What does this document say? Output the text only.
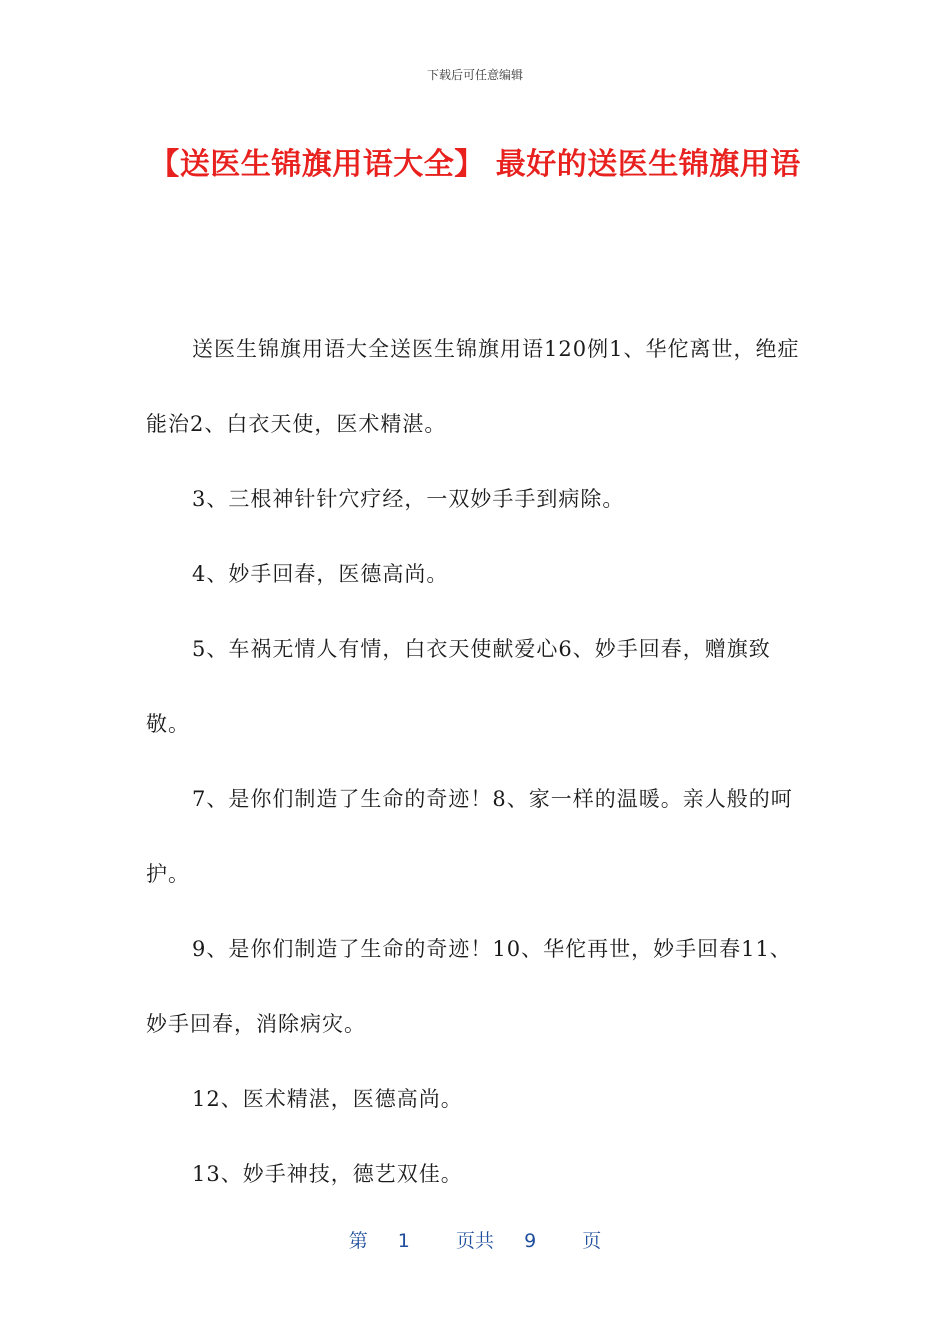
下载后可任意编辑
【送医生锦旗用语大全】 最好的送医生锦旗用语

送医生锦旗用语大全送医生锦旗用语120例1、华佗离世，绝症能治2、白衣天使，医术精湛。

3、三根神针针穴疗经，一双妙手手到病除。

4、妙手回春，医德高尚。

5、车祸无情人有情，白衣天使献爱心6、妙手回春，赠旗致敬。

7、是你们制造了生命的奇迹！8、家一样的温暖。亲人般的呵护。

9、是你们制造了生命的奇迹！10、华佗再世，妙手回春11、妙手回春，消除病灾。

12、医术精湛，医德高尚。

13、妙手神技，德艺双佳。

第 1 页共 9 页
